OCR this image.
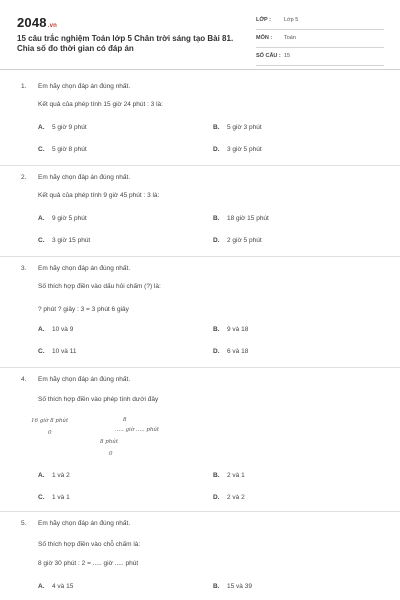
2048.vn
15 câu trắc nghiệm Toán lớp 5 Chân trời sáng tạo Bài 81. Chia số đo thời gian có đáp án
LỚP : Lớp 5
MÔN : Toán
SỐ CÂU : 15
1. Em hãy chọn đáp án đúng nhất.
Kết quả của phép tính 15 giờ 24 phút : 3 là:
A. 5 giờ 9 phút	B. 5 giờ 3 phút
C. 5 giờ 8 phút	D. 3 giờ 5 phút
2. Em hãy chọn đáp án đúng nhất.
Kết quả của phép tính 9 giờ 45 phút : 3 là:
A. 9 giờ 5 phút	B. 18 giờ 15 phút
C. 3 giờ 15 phút	D. 2 giờ 5 phút
3. Em hãy chọn đáp án đúng nhất.
Số thích hợp điền vào dấu hỏi chấm (?) là:
? phút ? giây : 3 = 3 phút 6 giây
A. 10 và 9	B. 9 và 18
C. 10 và 11	D. 6 và 18
4. Em hãy chọn đáp án đúng nhất.
Số thích hợp điền vào phép tính dưới đây
16 giờ 8 phút	8
..... giờ ..... phút
0
8 phút
0
A. 1 và 2	B. 2 và 1
C. 1 và 1	D. 2 và 2
5. Em hãy chọn đáp án đúng nhất.
Số thích hợp điền vào chỗ chấm là:
8 giờ 30 phút : 2 = ..... giờ ..... phút
A. 4 và 15	B. 15 và 39
